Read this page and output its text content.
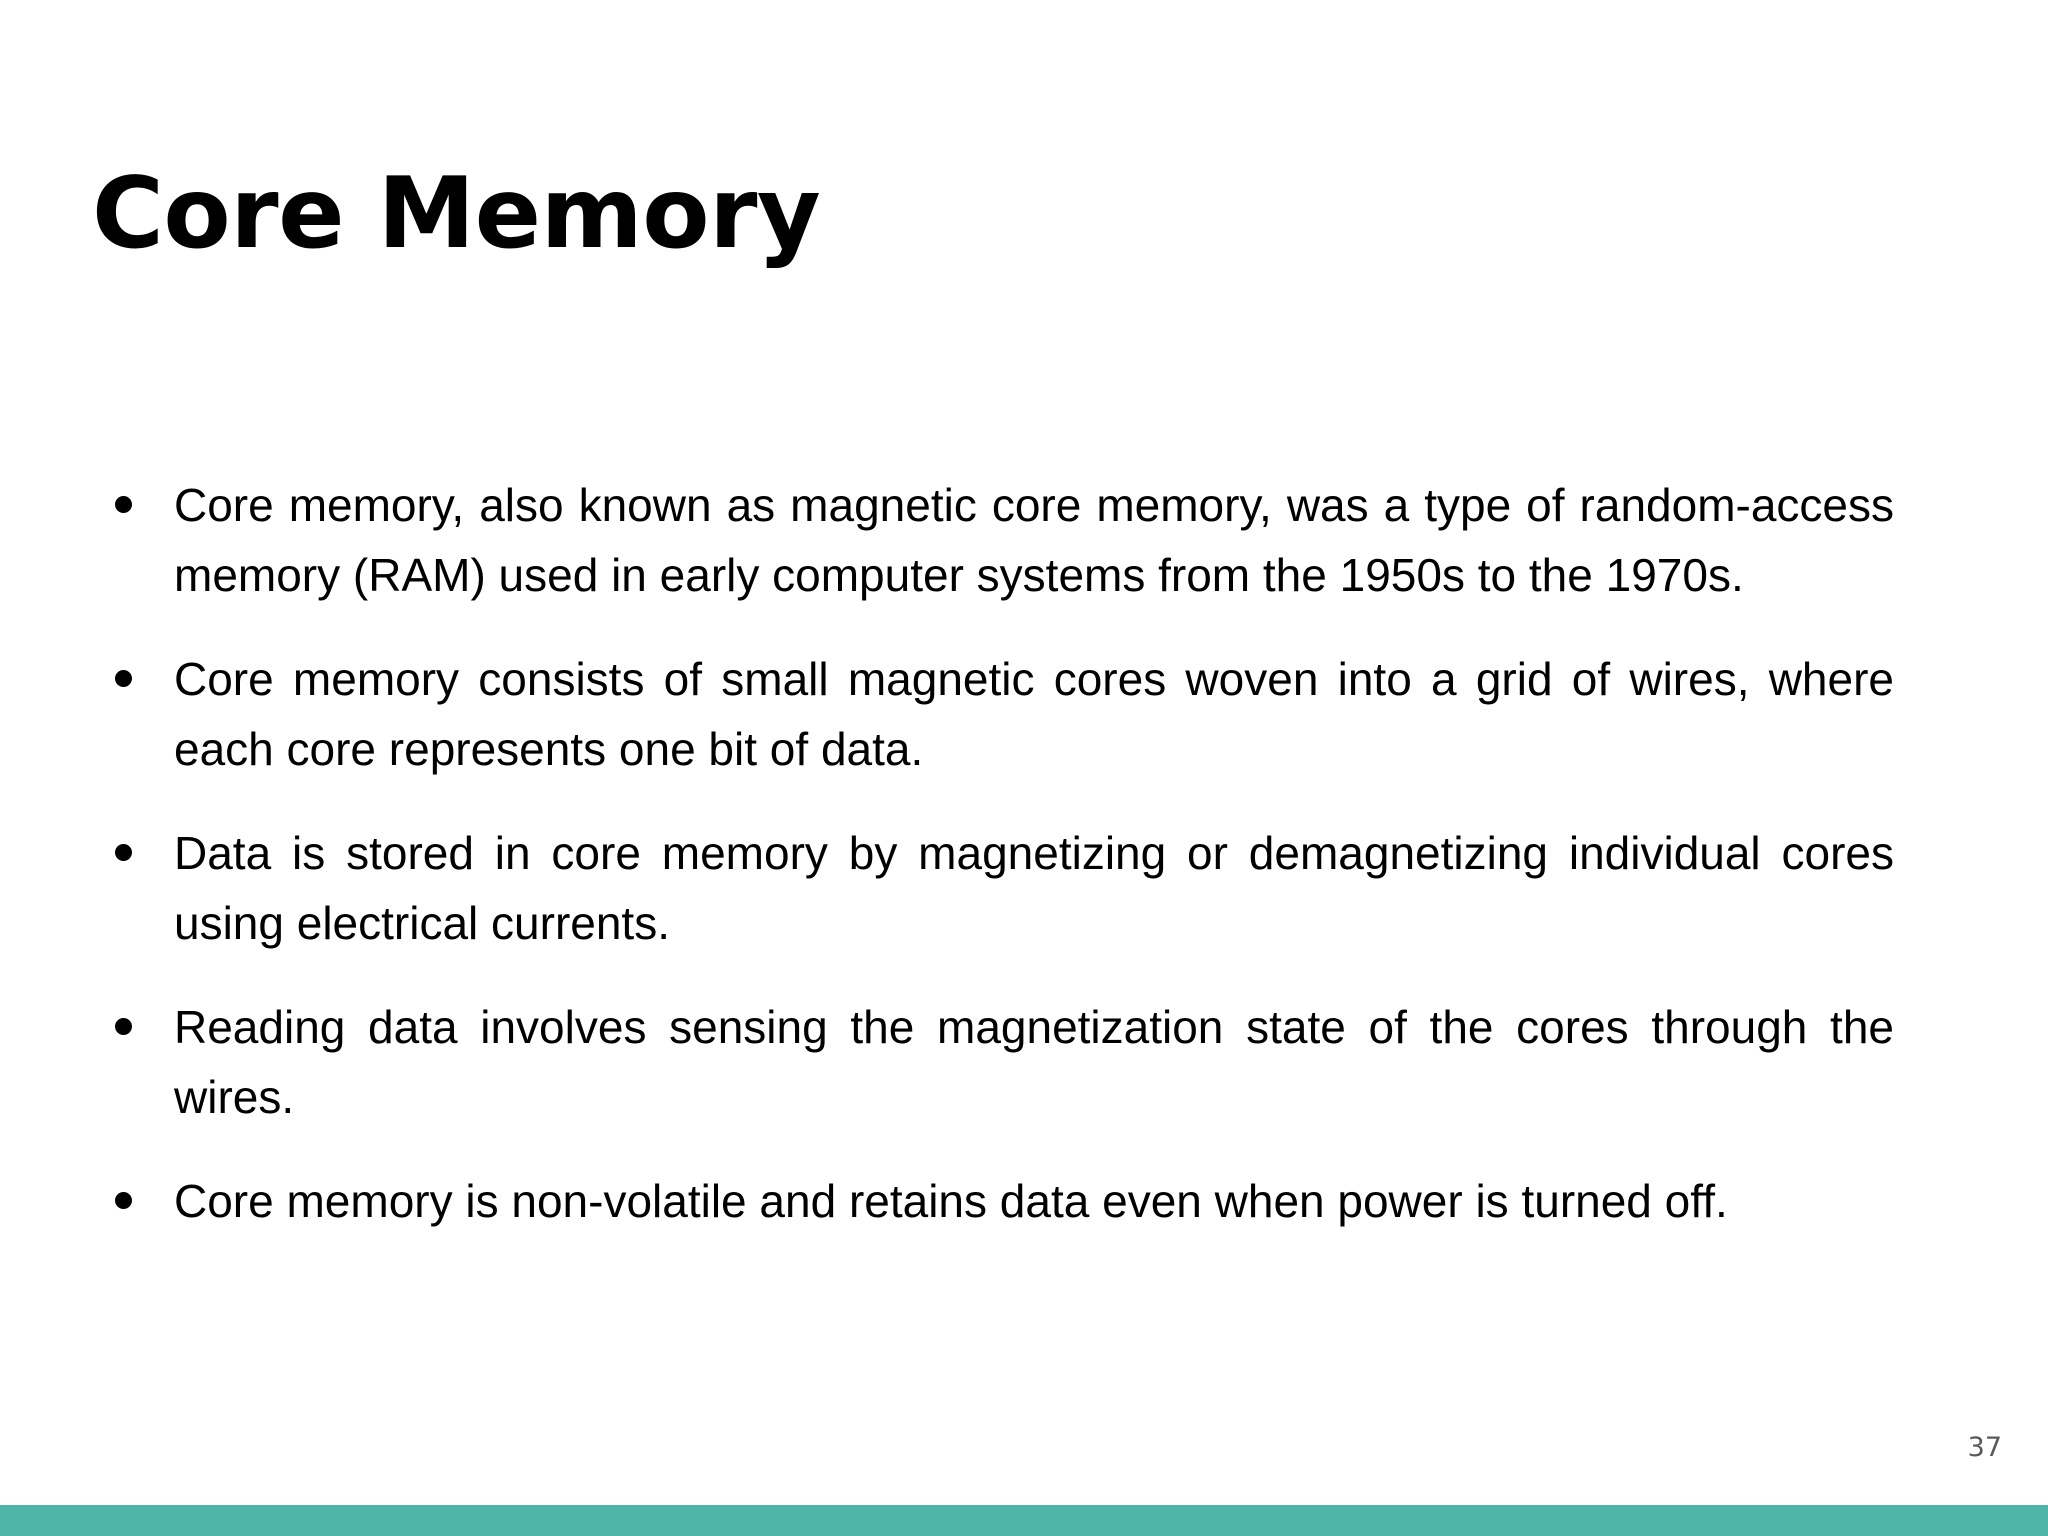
Core Memory
Core memory, also known as magnetic core memory, was a type of random-access memory (RAM) used in early computer systems from the 1950s to the 1970s.
Core memory consists of small magnetic cores woven into a grid of wires, where each core represents one bit of data.
Data is stored in core memory by magnetizing or demagnetizing individual cores using electrical currents.
Reading data involves sensing the magnetization state of the cores through the wires.
Core memory is non-volatile and retains data even when power is turned off.
37
